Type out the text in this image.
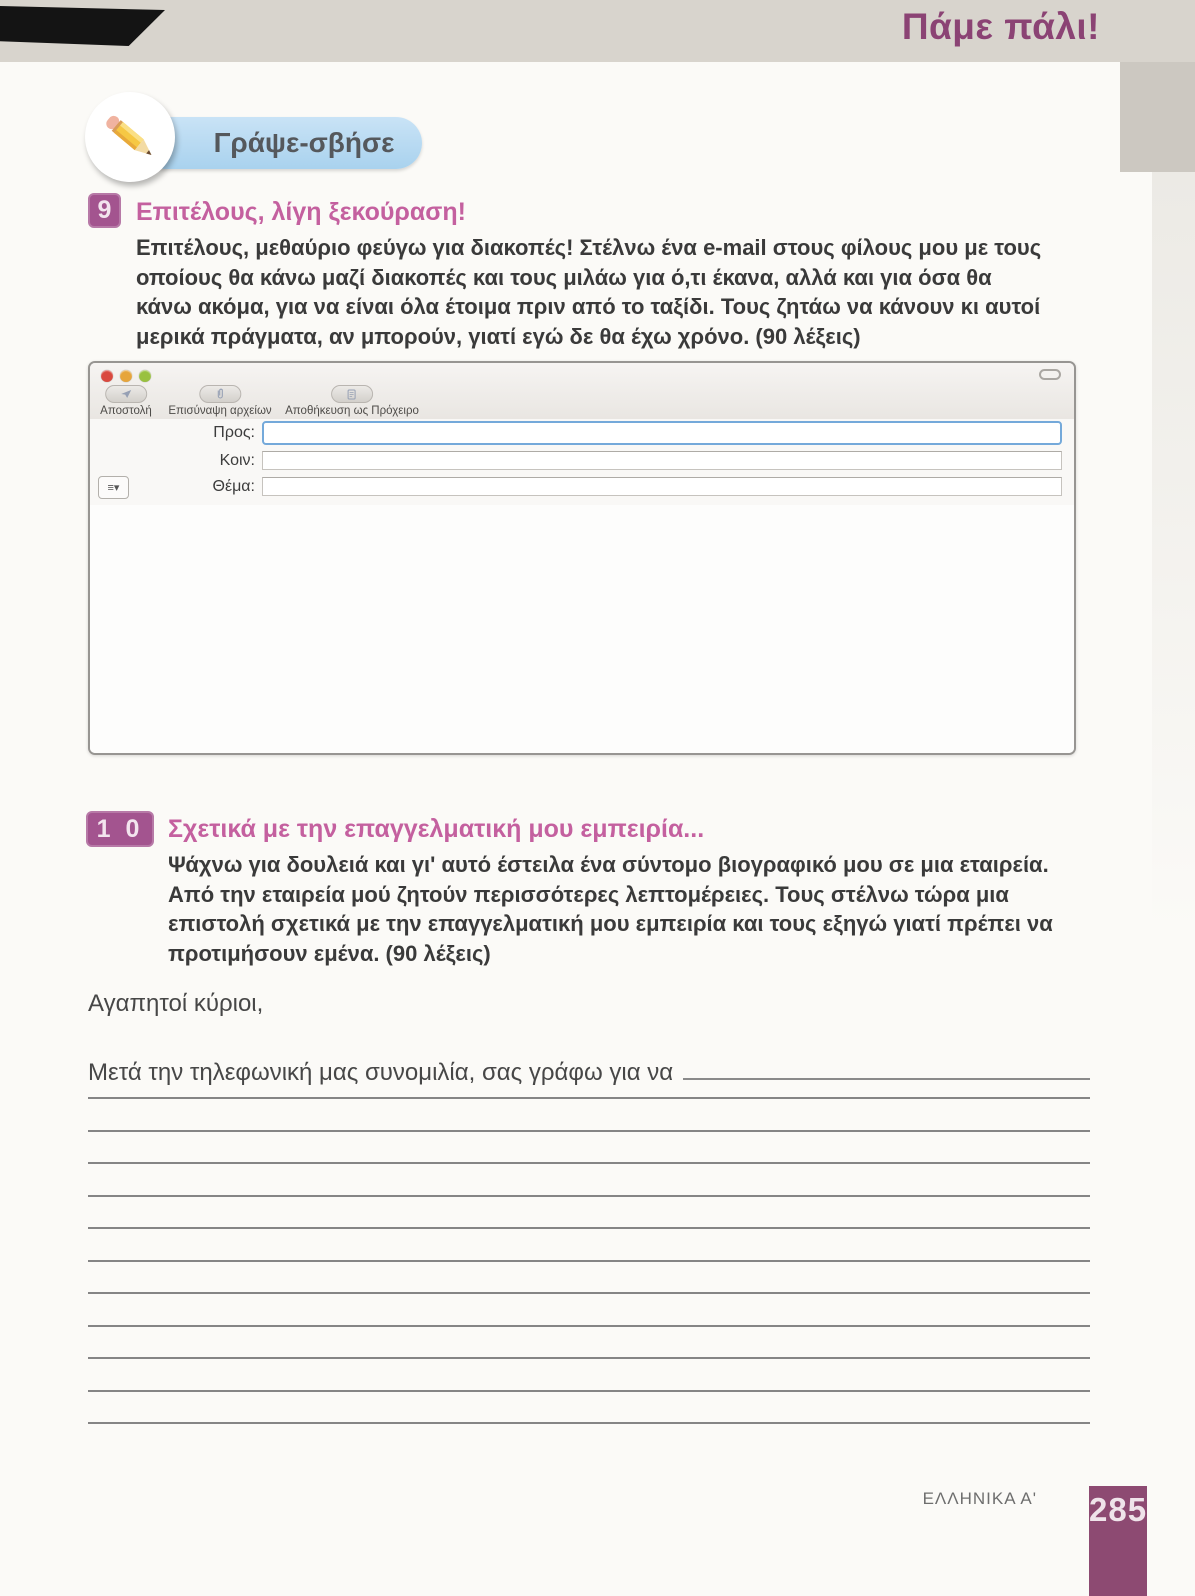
Πάμε πάλι!
Γράψε-σβήσε
9 Επιτέλους, λίγη ξεκούραση!
Επιτέλους, μεθαύριο φεύγω για διακοπές! Στέλνω ένα e-mail στους φίλους μου με τους οποίους θα κάνω μαζί διακοπές και τους μιλάω για ό,τι έκανα, αλλά και για όσα θα κάνω ακόμα, για να είναι όλα έτοιμα πριν από το ταξίδι. Τους ζητάω να κάνουν κι αυτοί μερικά πράγματα, αν μπορούν, γιατί εγώ δε θα έχω χρόνο. (90 λέξεις)
Αποστολή Επισύναψη αρχείων Αποθήκευση ως Πρόχειρο
Προς:
Κοιν:
≡▾	Θέμα:
1 0 Σχετικά με την επαγγελματική μου εμπειρία...
Ψάχνω για δουλειά και γι' αυτό έστειλα ένα σύντομο βιογραφικό μου σε μια εταιρεία. Από την εταιρεία μού ζητούν περισσότερες λεπτομέρειες. Τους στέλνω τώρα μια επιστολή σχετικά με την επαγγελματική μου εμπειρία και τους εξηγώ γιατί πρέπει να προτιμήσουν εμένα. (90 λέξεις)
Αγαπητοί κύριοι,
Μετά την τηλεφωνική μας συνομιλία, σας γράφω για να
ΕΛΛΗΝΙΚΑ Α' 285
